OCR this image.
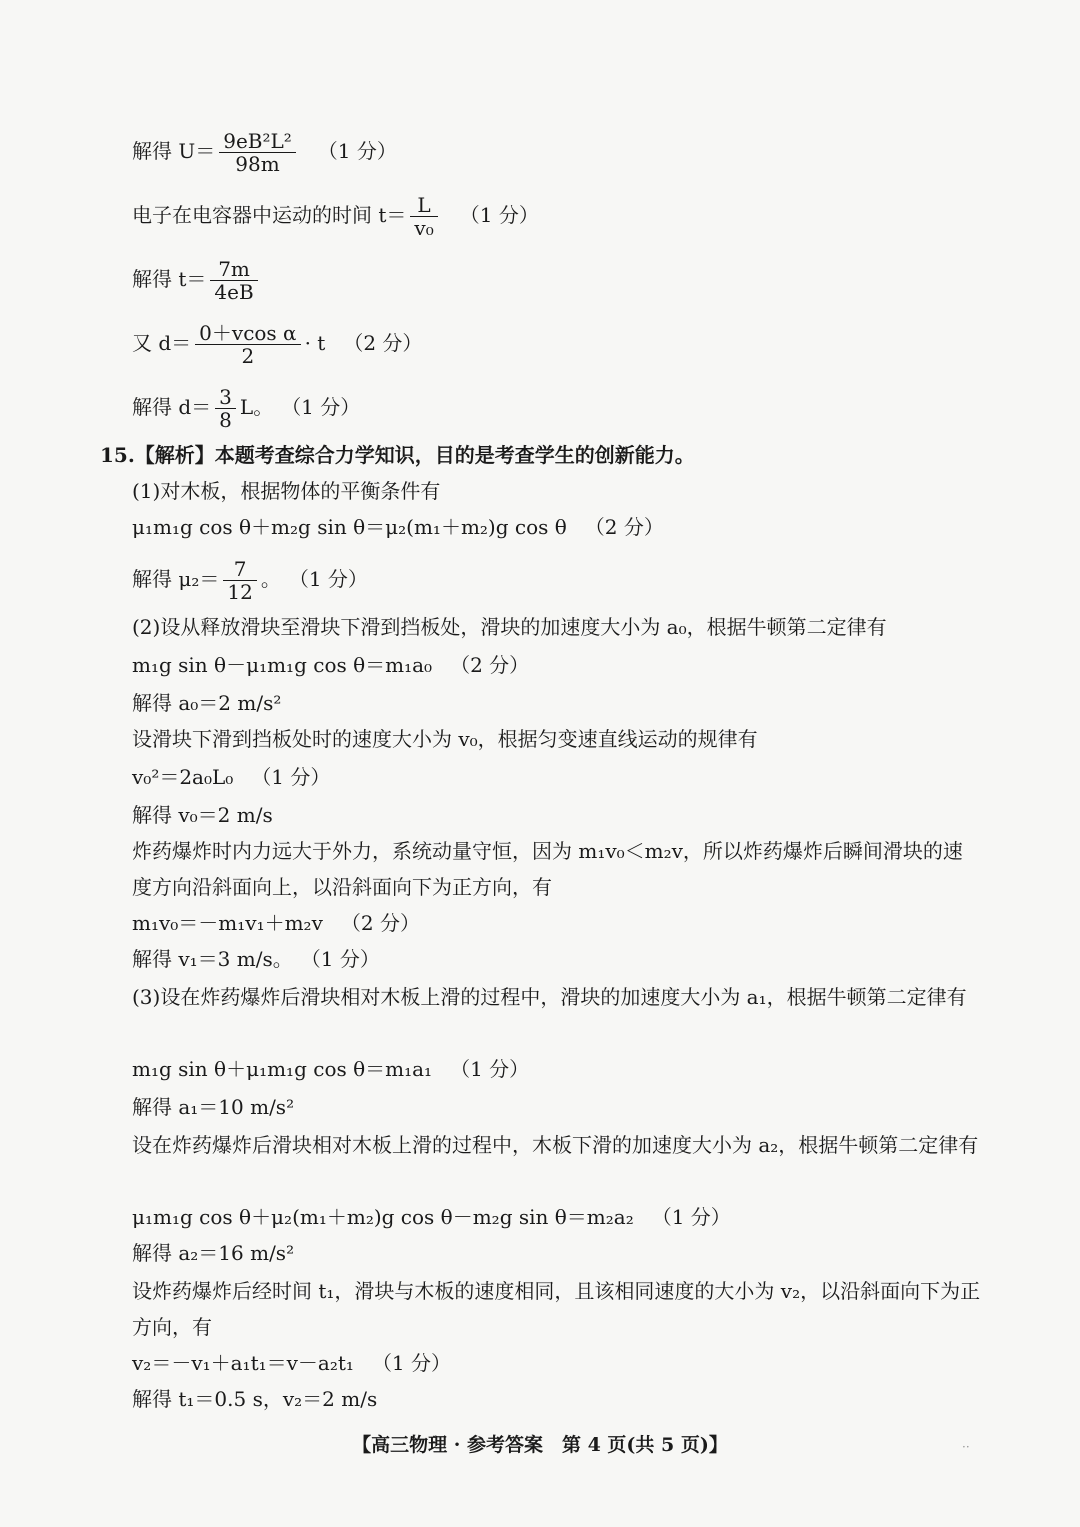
解得 $U= \frac{\text{9eB²L²}}{98m} (1$ 分）
电子在电容器中运动的时间 $t= \frac{L}{\text{v₀}} (1$ 分）
解得 $t= \frac{7m}{4eB}$
又 $d= \frac{\text{0＋vcos α}}{2} \cdot t$ （2 分）
解得 $d= \frac{3}{8}$ L。 （1 分）
15.【解析】本题考查综合力学知识，目的是考查学生的创新能力。
(1)对木板，根据物体的平衡条件有
μ₁m₁g cos θ＋m₂g sin θ＝μ₂(m₁＋m₂)g cos θ （2 分）
解得 $\mu_2= \frac{7}{12}$ 。 （1 分）
(2)设从释放滑块至滑块下滑到挡板处，滑块的加速度大小为 a₀，根据牛顿第二定律有
m₁g sin θ－μ₁m₁g cos θ＝m₁a₀ （2 分）
解得 a₀＝2 m/s²
设滑块下滑到挡板处时的速度大小为 v₀，根据匀变速直线运动的规律有
v₀²＝2a₀L₀ （1 分）
解得 v₀＝2 m/s
炸药爆炸时内力远大于外力，系统动量守恒，因为 m₁v₀＜m₂v，所以炸药爆炸后瞬间滑块的速度方向沿斜面向上，以沿斜面向下为正方向，有
m₁v₀＝－m₁v₁＋m₂v （2 分）
解得 v₁＝3 m/s。 （1 分）
(3)设在炸药爆炸后滑块相对木板上滑的过程中，滑块的加速度大小为 a₁，根据牛顿第二定律有
m₁g sin θ＋μ₁m₁g cos θ＝m₁a₁ （1 分）
解得 a₁＝10 m/s²
设在炸药爆炸后滑块相对木板上滑的过程中，木板下滑的加速度大小为 a₂，根据牛顿第二定律有
μ₁m₁g cos θ＋μ₂(m₁＋m₂)g cos θ－m₂g sin θ＝m₂a₂ （1 分）
解得 a₂＝16 m/s²
设炸药爆炸后经时间 t₁，滑块与木板的速度相同，且该相同速度的大小为 v₂，以沿斜面向下为正方向，有
v₂＝－v₁＋a₁t₁＝v－a₂t₁ （1 分）
解得 t₁＝0.5 s，v₂＝2 m/s
【高三物理 · 参考答案　第 4 页(共 5 页)】	··
